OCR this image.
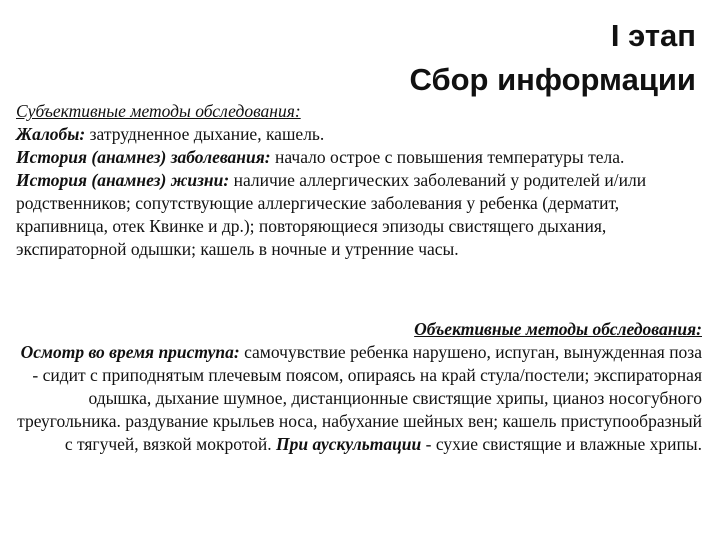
I этап
Сбор информации

Субъективные методы обследования:

Жалобы: затрудненное дыхание, кашель.

История (анамнез) заболевания: начало острое с повышения температуры тела.

История (анамнез) жизни: наличие аллергических заболеваний у родителей и/или родственников; сопутствующие аллергические заболевания у ребенка (дерматит, крапивница, отек Квинке и др.); повторяющиеся эпизоды свистящего дыхания, экспираторной одышки; кашель в ночные и утренние часы.

Объективные методы обследования:

Осмотр во время приступа: самочувствие ребенка нарушено, испуган, вынужденная поза - сидит с приподнятым плечевым поясом, опираясь на край стула/постели; экспираторная одышка, дыхание шумное, дистанционные свистящие хрипы, цианоз носогубного треугольника. раздувание крыльев носа, набухание шейных вен; кашель приступообразный с тягучей, вязкой мокротой. При аускультации - сухие свистящие и влажные хрипы.
